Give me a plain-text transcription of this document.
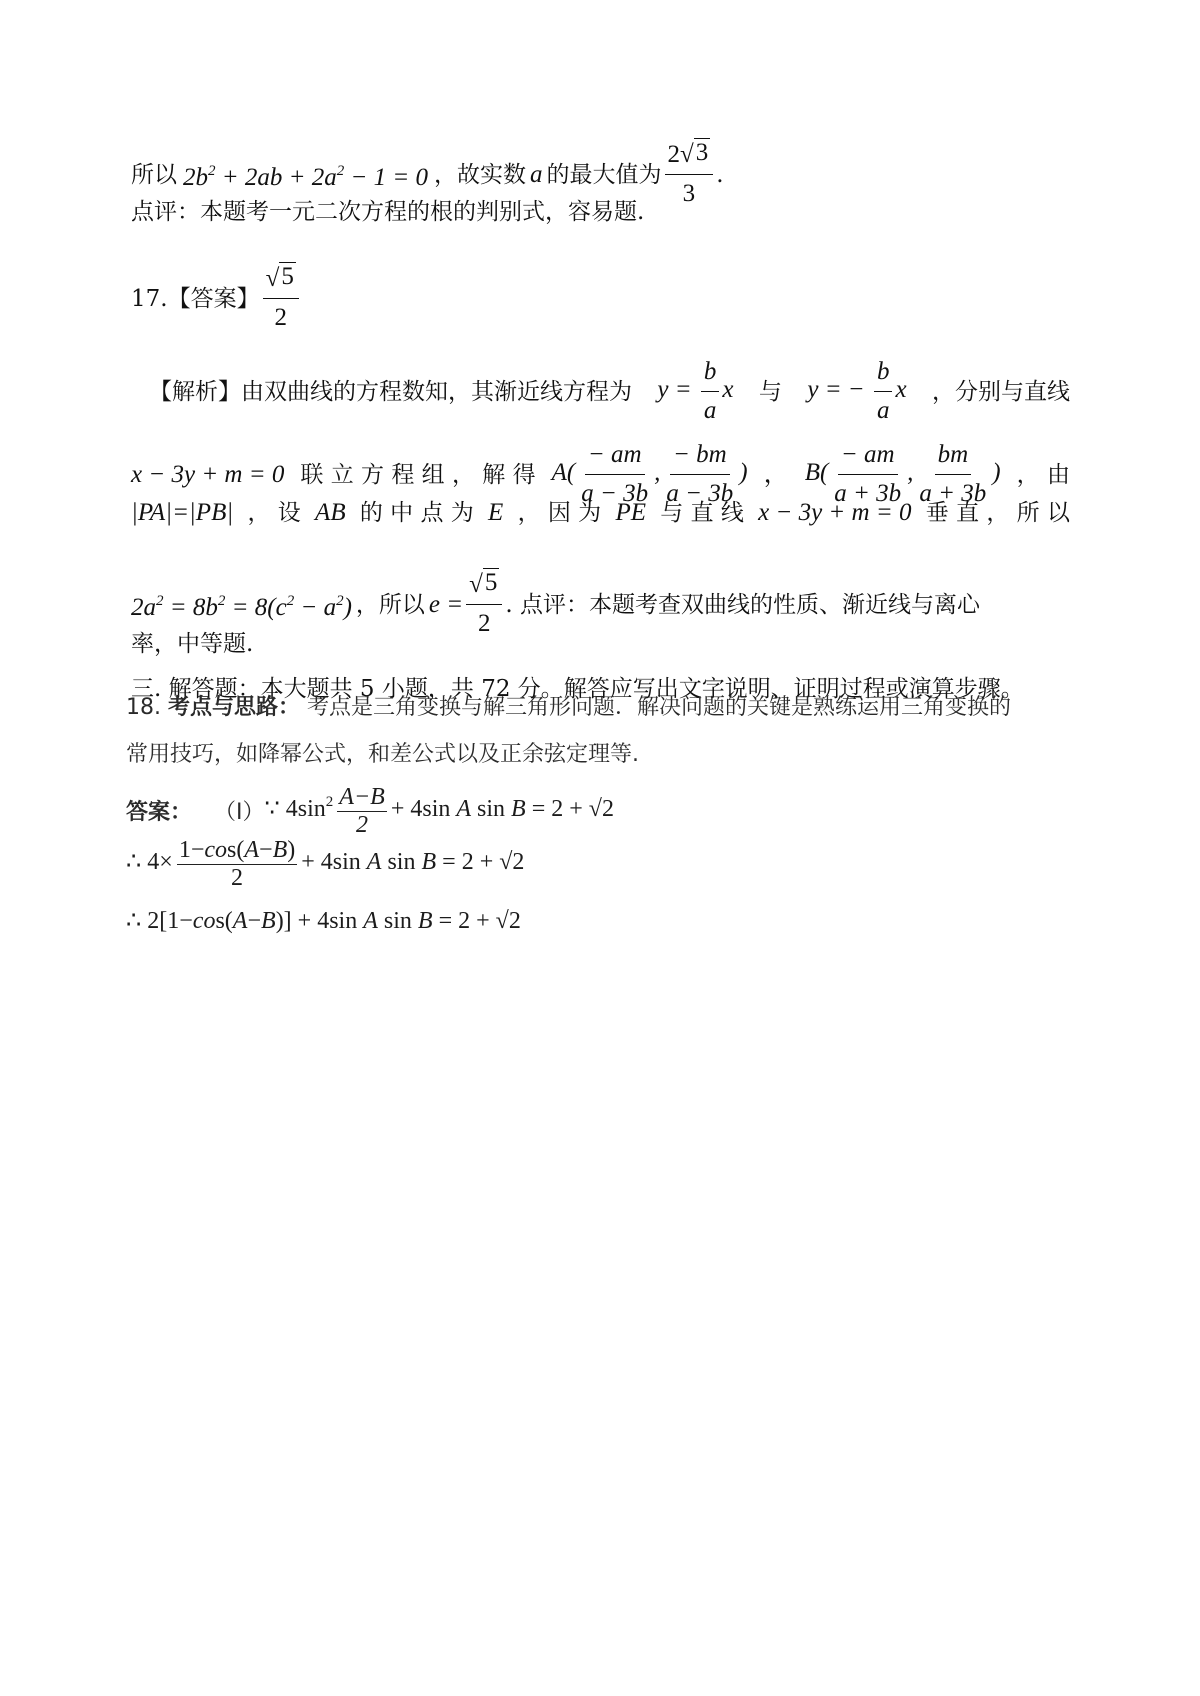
所以 $2b^2 + 2ab + 2a^2 - 1 = 0$ ，故实数 a 的最大值为 $\frac{2√ 3}{3}$ .
点评：本题考一元二次方程的根的判别式，容易题.
17.【答案】 $\frac{√ 5}{2}$
【解析】由双曲线的方程数知，其渐近线方程为 $y = \frac{b}{a}$ x 与 y = − $\frac{b}{a}$ x ，分别与直线
x − 3y + m = 0 联 立 方 程 组 ， 解 得 $A( \frac{- am}{a - 3b}$ , $\frac{- bm}{a - 3b}$ ) ， $B( \frac{- am}{a + 3b}$ , $\frac{bm}{a + 3b}$ ) ， 由
|PA|=|PB| ， 设 AB 的 中 点 为 E ， 因 为 PE 与 直 线 x − 3y + m = 0 垂 直 ， 所 以
$2a^2 = 8b^2 = 8(c^2 - a^2)$ ，所以 $e = \frac{√ 5}{2}$ . 点评：本题考查双曲线的性质、渐近线与离心
率，中等题.
三. 解答题：本大题共 5 小题，共 72 分。解答应写出文字说明、证明过程或演算步骤。
18. 考点与思路： 考点是三角变换与解三角形问题．解决问题的关键是熟练运用三角变换的
常用技巧，如降幂公式，和差公式以及正余弦定理等.
答案： （I） ∵ $4\sin^2 \frac{A-B}{2} + 4\sin$ A sin B = 2 + √2
∴ $4\times \frac{1-\cos(A-B)}{2} + 4\sin$ A sin B = 2 + √2
∴ 2[1−cos(A−B)] + 4sin A sin B = 2 + √2
